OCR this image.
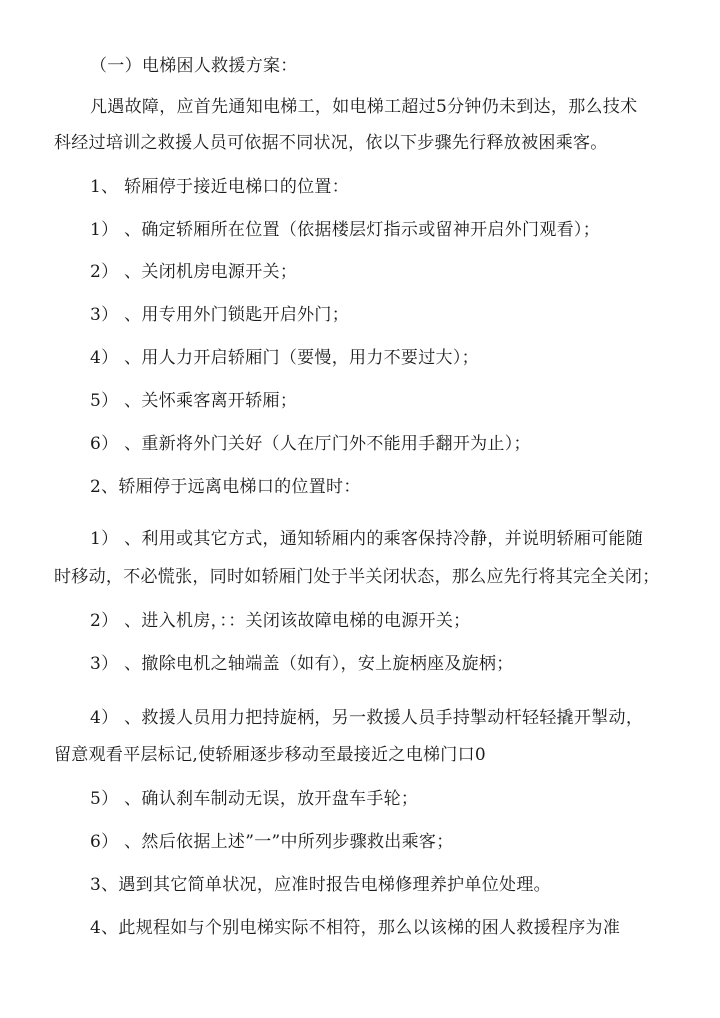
（一）电梯困人救援方案：
凡遇故障，应首先通知电梯工，如电梯工超过5分钟仍未到达，那么技术
科经过培训之救援人员可依据不同状况，依以下步骤先行释放被困乘客。
1、 轿厢停于接近电梯口的位置：
1） 、确定轿厢所在位置（依据楼层灯指示或留神开启外门观看）；
2） 、关闭机房电源开关；
3） 、用专用外门锁匙开启外门；
4） 、用人力开启轿厢门（要慢，用力不要过大）；
5） 、关怀乘客离开轿厢；
6） 、重新将外门关好（人在厅门外不能用手翻开为止）；
2、轿厢停于远离电梯口的位置时：
1） 、利用或其它方式，通知轿厢内的乘客保持冷静，并说明轿厢可能随
时移动，不必慌张，同时如轿厢门处于半关闭状态，那么应先行将其完全关闭；
2） 、进入机房，：：关闭该故障电梯的电源开关；
3） 、撤除电机之轴端盖（如有），安上旋柄座及旋柄；
4） 、救援人员用力把持旋柄，另一救援人员手持掣动杆轻轻撬开掣动，
留意观看平层标记,使轿厢逐步移动至最接近之电梯门口0
5） 、确认刹车制动无误，放开盘车手轮；
6） 、然后依据上述”一”中所列步骤救出乘客；
3、遇到其它简单状况，应准时报告电梯修理养护单位处理。
4、此规程如与个别电梯实际不相符，那么以该梯的困人救援程序为准
